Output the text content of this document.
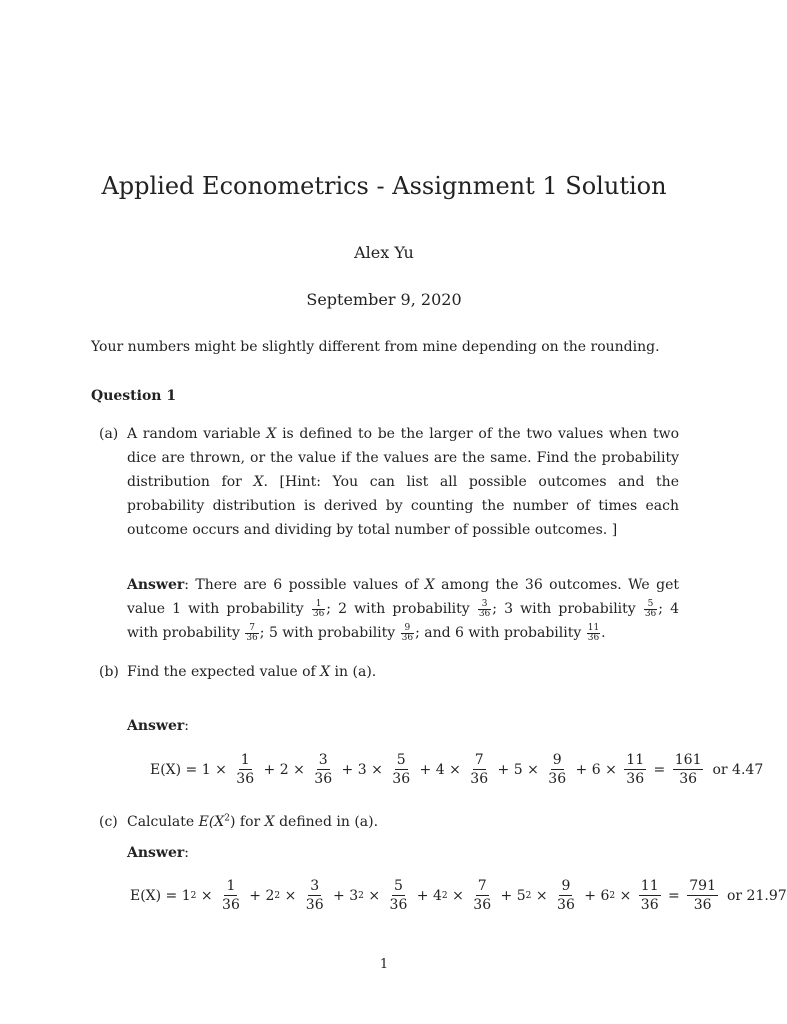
Applied Econometrics - Assignment 1 Solution
Alex Yu
September 9, 2020
Your numbers might be slightly different from mine depending on the rounding.
Question 1
(a) A random variable X is defined to be the larger of the two values when two dice are thrown, or the value if the values are the same. Find the probability distribution for X. [Hint: You can list all possible outcomes and the probability distribution is derived by counting the number of times each outcome occurs and dividing by total number of possible outcomes. ]
Answer: There are 6 possible values of X among the 36 outcomes. We get value 1 with probability $\frac{1}{36}$ ; 2 with probability $\frac{3}{36}$ ; 3 with probability $\frac{5}{36}$ ; 4 with probability $\frac{7}{36}$ ; 5 with probability $\frac{9}{36}$ ; and 6 with probability $\frac{11}{36}$ .
(b) Find the expected value of X in (a).
Answer:
$E(X) = 1 \times \frac{1}{36} + 2 \times \frac{3}{36} + 3 \times \frac{5}{36} + 4 \times \frac{7}{36} + 5 \times \frac{9}{36} + 6 \times \frac{11}{36} = \frac{161}{36}$ or 4.47
(c) Calculate $E(X^2)$ for X defined in (a).
Answer:
E(X) = 1 $2 \times \frac{1}{36} + 2$ $2 \times \frac{3}{36} + 3$ $2 \times \frac{5}{36} + 4$ $2 \times \frac{7}{36} + 5$ $2 \times \frac{9}{36} + 6$ $2 \times \frac{11}{36} = \frac{791}{36}$ or 21.97
1
